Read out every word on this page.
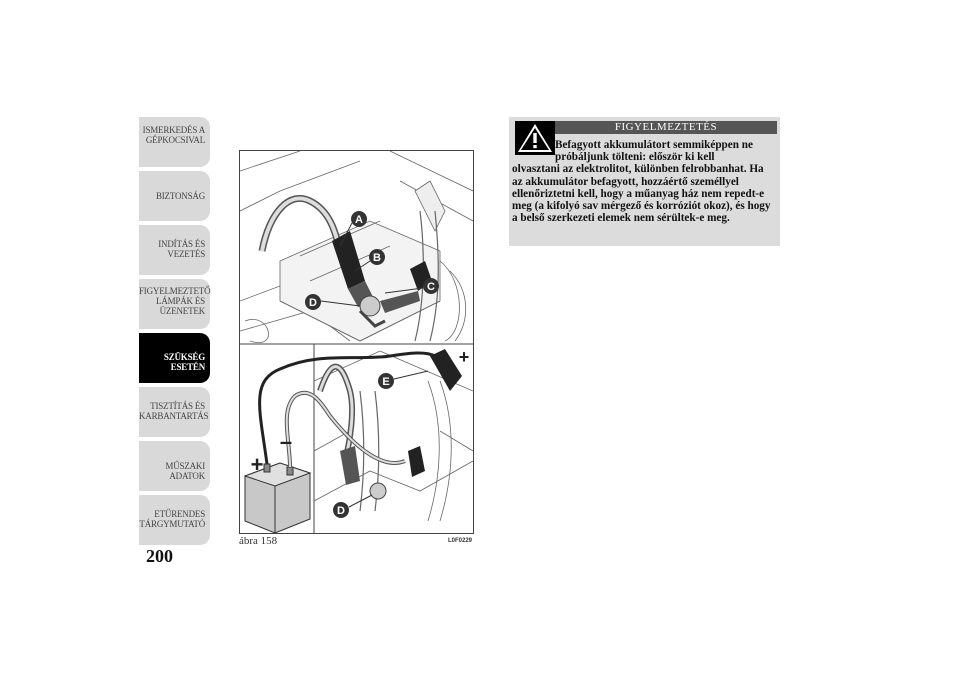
ISMERKEDÉS A
GÉPKOCSIVAL
BIZTONSÁG
INDÍTÁS ÉS
VEZETÉS
FIGYELMEZTETŐ
LÁMPÁK ÉS
ÜZENETEK
SZÜKSÉG ESETÉN
TISZTÍTÁS ÉS
KARBANTARTÁS
MŰSZAKI ADATOK
ETŰRENDES
TÁRGYMUTATÓ
200
A
B
C
D
+
+
–
E
D
ábra 158	L0F0229
FIGYELMEZTETÉS

Befagyott akkumulátort semmiképpen ne

próbáljunk tölteni: először ki kell

olvasztani az elektrolitot, különben felrobbanhat. Ha az akkumulátor befagyott, hozzáértő személlyel ellenőriztetni kell, hogy a műanyag ház nem repedt-e meg (a kifolyó sav mérgező és korróziót okoz), és hogy a belső szerkezeti elemek nem sérültek-e meg.
